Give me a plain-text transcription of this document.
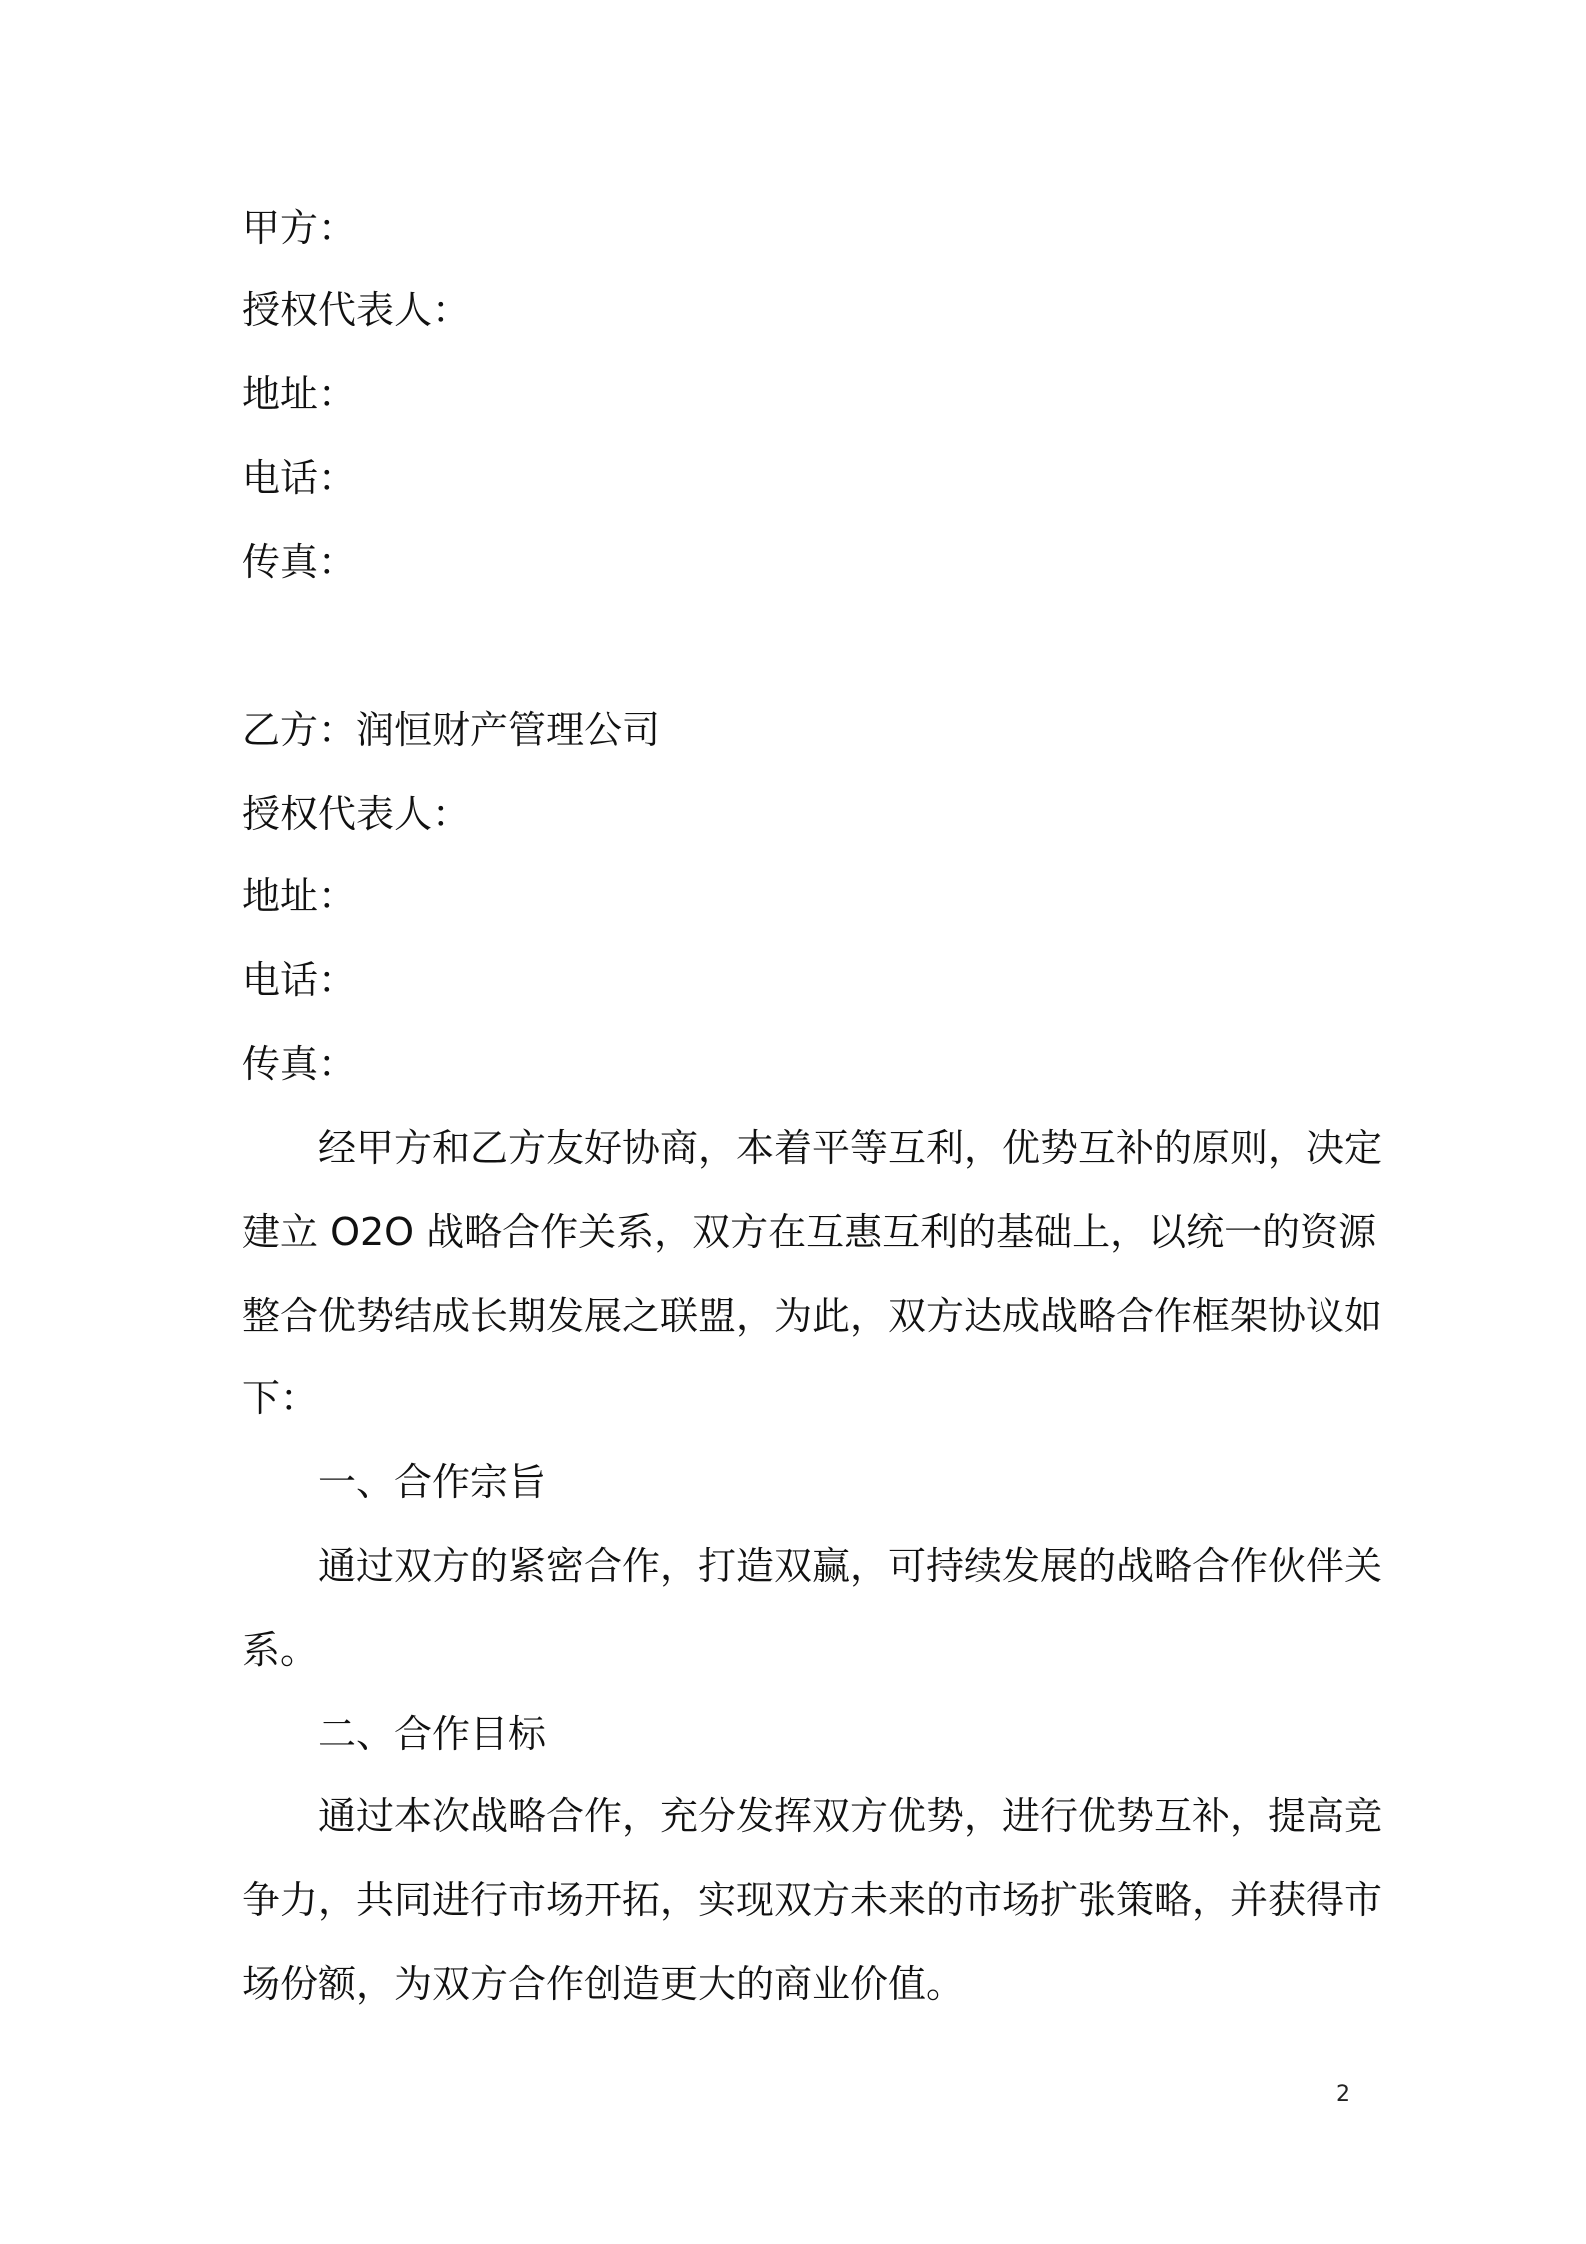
甲方：
授权代表人：
地址：
电话：
传真：
乙方：润恒财产管理公司
授权代表人：
地址：
电话：
传真：
经甲方和乙方友好协商，本着平等互利，优势互补的原则，决定
建立 O2O 战略合作关系，双方在互惠互利的基础上，以统一的资源
整合优势结成长期发展之联盟，为此，双方达成战略合作框架协议如
下：
一、合作宗旨
通过双方的紧密合作，打造双赢，可持续发展的战略合作伙伴关
系。
二、合作目标
通过本次战略合作，充分发挥双方优势，进行优势互补，提高竞
争力，共同进行市场开拓，实现双方未来的市场扩张策略，并获得市
场份额，为双方合作创造更大的商业价值。
2
